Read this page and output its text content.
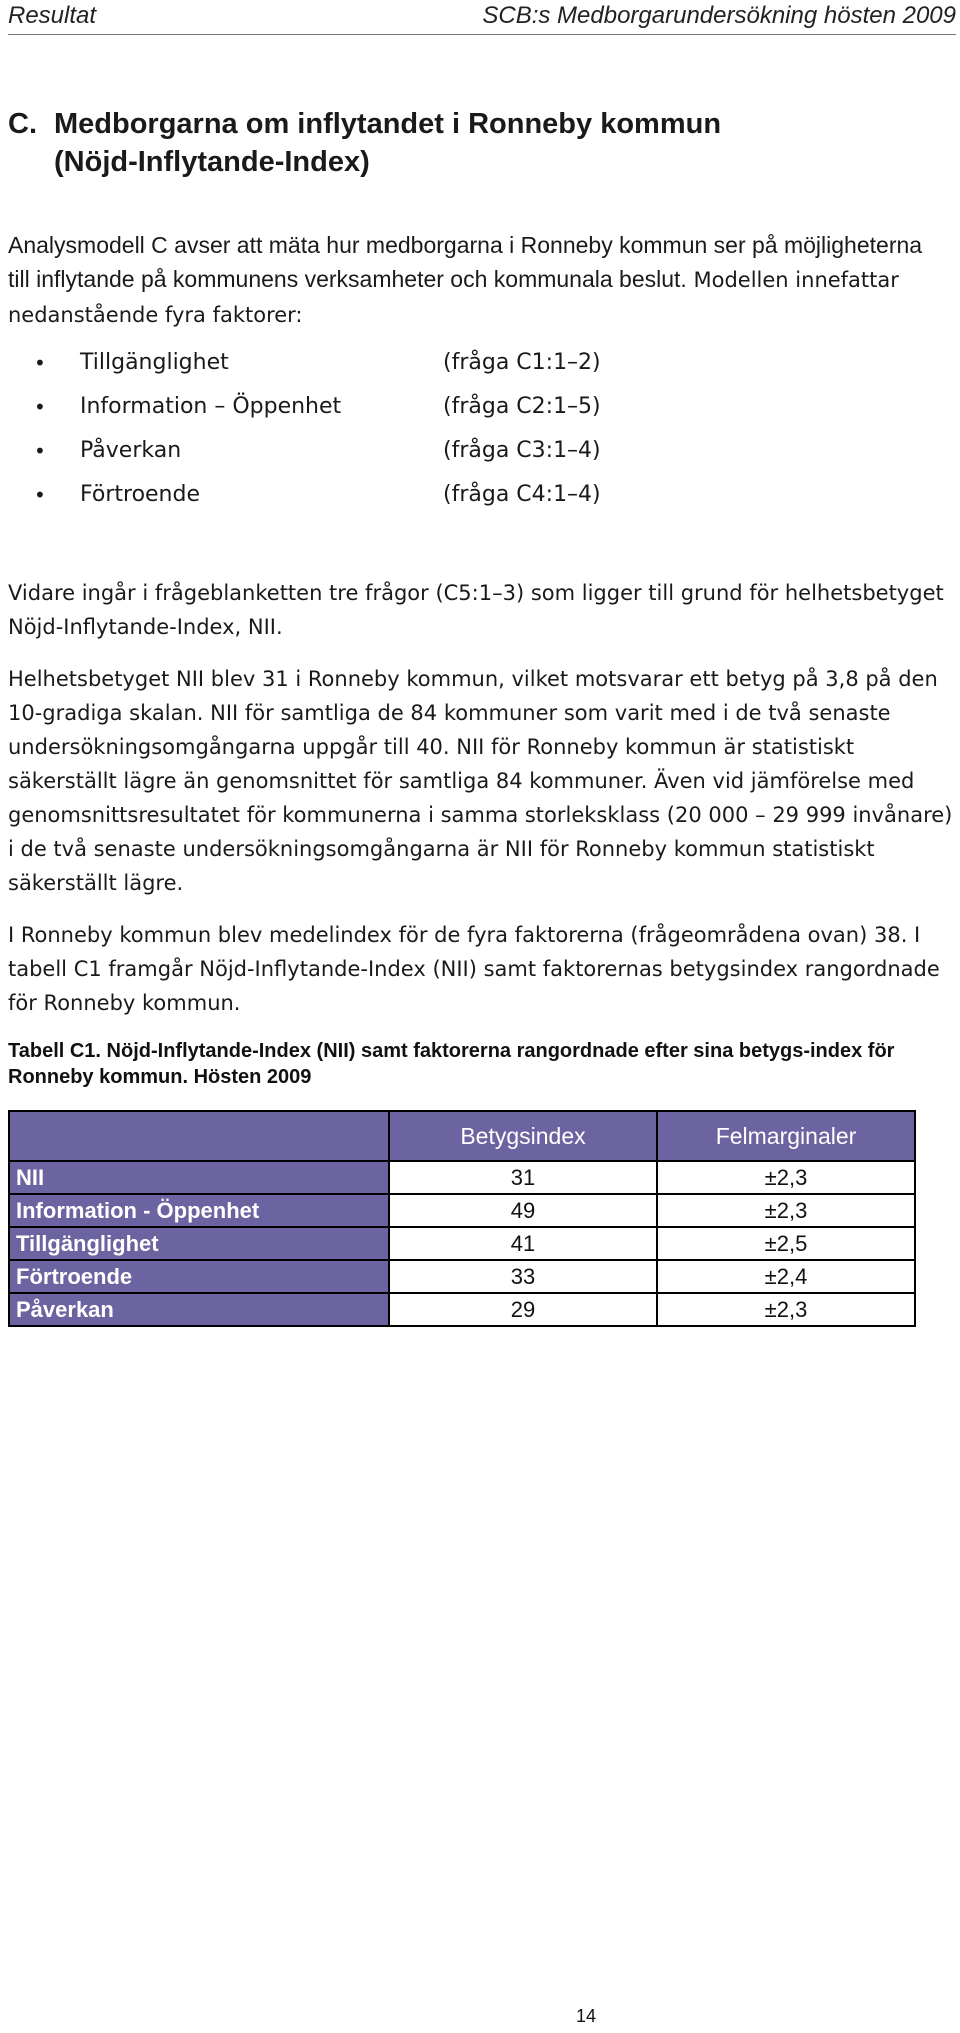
Resultat	SCB:s Medborgarundersökning hösten 2009
C. Medborgarna om inflytandet i Ronneby kommun
(Nöjd-Inflytande-Index)
Analysmodell C avser att mäta hur medborgarna i Ronneby kommun ser på möjligheterna till inflytande på kommunens verksamheter och kommunala beslut. Modellen innefattar nedanstående fyra faktorer:
• Tillgänglighet	(fråga C1:1–2)
• Information – Öppenhet	(fråga C2:1–5)
• Påverkan	(fråga C3:1–4)
• Förtroende	(fråga C4:1–4)

Vidare ingår i frågeblanketten tre frågor (C5:1–3) som ligger till grund för helhetsbetyget Nöjd-Inflytande-Index, NII.

Helhetsbetyget NII blev 31 i Ronneby kommun, vilket motsvarar ett betyg på 3,8 på den 10-gradiga skalan. NII för samtliga de 84 kommuner som varit med i de två senaste undersökningsomgångarna uppgår till 40. NII för Ronneby kommun är statistiskt säkerställt lägre än genomsnittet för samtliga 84 kommuner. Även vid jämförelse med genomsnittsresultatet för kommunerna i samma storleksklass (20 000 – 29 999 invånare) i de två senaste undersökningsomgångarna är NII för Ronneby kommun statistiskt säkerställt lägre.

I Ronneby kommun blev medelindex för de fyra faktorerna (frågeområdena ovan) 38. I tabell C1 framgår Nöjd-Inflytande-Index (NII) samt faktorernas betygsindex rangordnade för Ronneby kommun.

Tabell C1. Nöjd-Inflytande-Index (NII) samt faktorerna rangordnade efter sina betygs-index för Ronneby kommun. Hösten 2009
	Betygsindex	Felmarginaler
NII	31	±2,3
Information - Öppenhet	49	±2,3
Tillgänglighet	41	±2,5
Förtroende	33	±2,4
Påverkan	29	±2,3
14
